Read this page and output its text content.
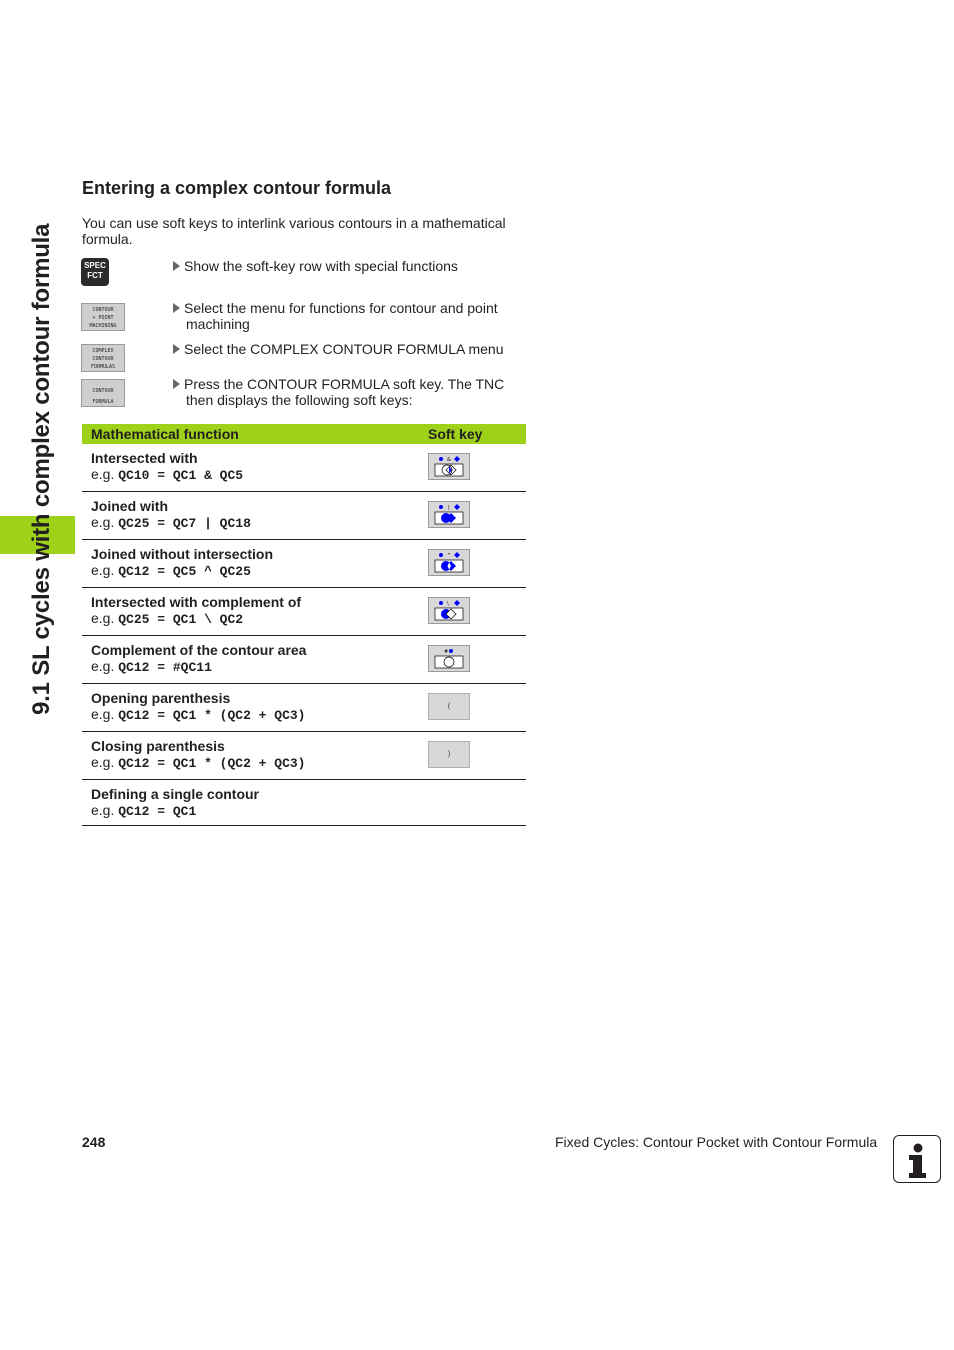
9.1 SL cycles with complex contour formula
Entering a complex contour formula

You can use soft keys to interlink various contours in a mathematical formula.

SPEC
FCT
Show the soft-key row with special functions
CONTOUR
+ POINT
MACHINING
Select the menu for functions for contour and point
machining
COMPLEX
CONTOUR
FORMULAS
Select the COMPLEX CONTOUR FORMULA menu
CONTOUR
FORMULA
Press the CONTOUR FORMULA soft key. The TNC
then displays the following soft keys:
Mathematical function	Soft key

Intersected with
e.g. QC10 = QC1 & QC5	&

Joined with
e.g. QC25 = QC7 | QC18	|

Joined without intersection
e.g. QC12 = QC5 ^ QC25	^

Intersected with complement of
e.g. QC25 = QC1 \ QC2	\

Complement of the contour area
e.g. QC12 = #QC11	#

Opening parenthesis
e.g. QC12 = QC1 * (QC2 + QC3)	(

Closing parenthesis
e.g. QC12 = QC1 * (QC2 + QC3)	)

Defining a single contour
e.g. QC12 = QC1	

248	Fixed Cycles: Contour Pocket with Contour Formula
